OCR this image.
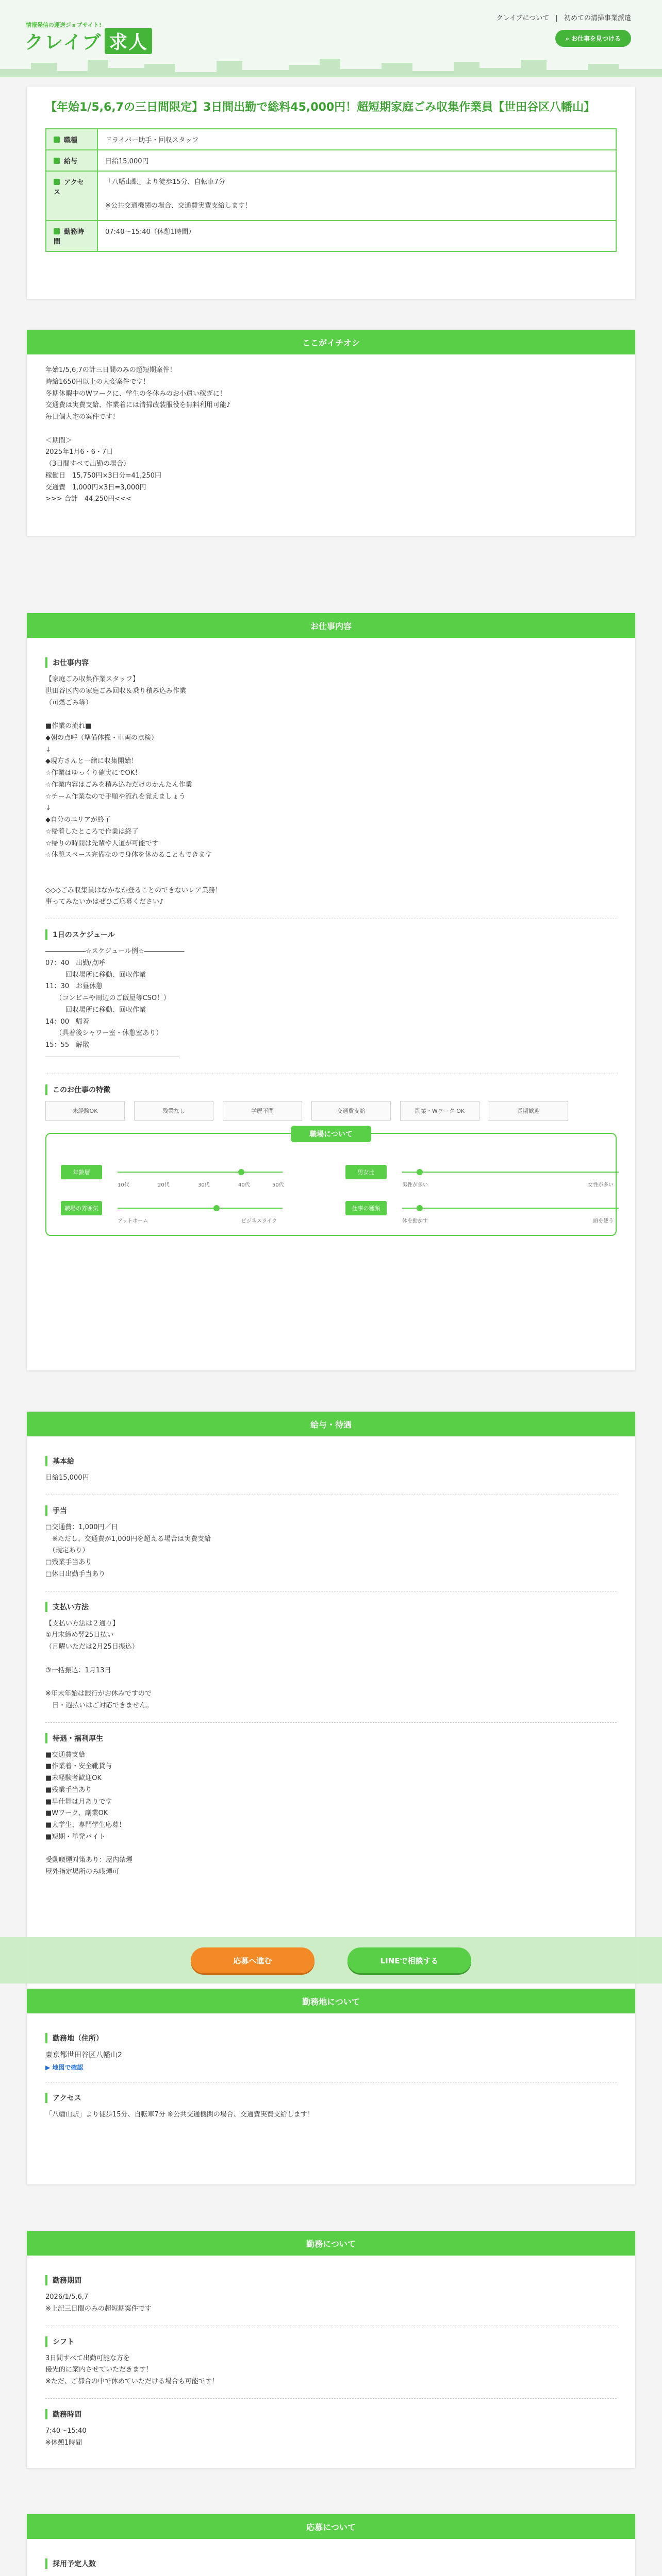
情報発信の運送ジョブサイト!
クレイブ 求人
クレイブについて | 初めての清掃事業派遣
⌕ お仕事を見つける
【年始1/5,6,7の三日間限定】3日間出勤で総料45,000円！超短期家庭ごみ収集作業員【世田谷区八幡山】
職種	ドライバー助手・回収スタッフ
給与	日給15,000円
アクセス	「八幡山駅」より徒歩15分、自転車7分

※公共交通機関の場合、交通費実費支給します！
勤務時間	07:40〜15:40（休憩1時間）
ここがイチオシ
年始1/5,6,7の計三日間のみの超短期案件！
時給1650円以上の大変案件です！
冬期休暇中のWワークに、学生の冬休みのお小遣い稼ぎに！
交通費は実費支給、作業着には清掃改装服役を無料利用可能♪
毎日個人宅の案件です！

＜期間＞
2025年1月6・6・7日
（3日間すべて出勤の場合）
稼働日　15,750円×3日分=41,250円
交通費　1,000円×3日=3,000円
>>> 合計　44,250円<<<
お仕事内容
お仕事内容
【家庭ごみ収集作業スタッフ】
世田谷区内の家庭ごみ回収＆乗り積み込み作業
（可燃ごみ等）

■作業の流れ■
◆朝の点呼（準備体操・車両の点検）
↓
◆現方さんと一緒に収集開始！
☆作業はゆっくり確実にでOK！
☆作業内容はごみを積み込むだけのかんたん作業
☆チーム作業なので手順や流れを覚えましょう
↓
◆自分のエリアが終了
☆帰着したところで作業は終了
☆帰りの時間は先輩や人道が可能です
☆休憩スペース完備なので身体を休めることもできます

◇◇◇ごみ収集員はなかなか登ることのできないレア業務！
事ってみたいかはぜひご応募ください♪
1日のスケジュール
――――――☆スケジュール例☆――――――
07：40　出勤/点呼
　　　回収場所に移動、回収作業
11：30　お昼休憩
　　（コンビニや周辺のご飯屋等CSO！）
　　　回収場所に移動、回収作業
14：00　帰着
　　（具着後シャワー室・休憩室あり）
15：55　解散
――――――――――――――――――――
このお仕事の特徴
未経験OK	残業なし	学歴不問	交通費支給	副業・Wワーク OK	長期歓迎
職場について
年齢層
10代	20代	30代	40代	50代
男女比
男性が多い	女性が多い
職場の雰囲気
アットホーム	ビジネスライク
仕事の種類
体を動かす	頭を使う
給与・待遇
基本給
日給15,000円
手当
□交通費：1,000円／日
　※ただし、交通費が1,000円を超える場合は実費支給
　（規定あり）
□残業手当あり
□休日出勤手当あり
支払い方法
【支払い方法は２通り】
①月末締め翌25日払い
（月曜いただは2月25日振込）

③一括振込：1月13日

※年末年始は銀行がお休みですので
　日・週払いはご対応できません。
待遇・福利厚生
■交通費支給
■作業着・安全靴貸与
■未経験者歓迎OK
■残業手当あり
■早仕舞は月ありです
■Wワーク、副業OK
■大学生、専門学生応募！
■短期・単発バイト

受動喫煙対策あり：屋内禁煙
屋外指定場所のみ喫煙可
応募へ進む	LINEで相談する
勤務地について
勤務地（住所）
東京都世田谷区八幡山2
▶ 地図で確認
アクセス
「八幡山駅」より徒歩15分、自転車7分 ※公共交通機関の場合、交通費実費支給します！
勤務について
勤務期間
2026/1/5,6,7
※上記三日間のみの超短期案件です
シフト
3日間すべて出勤可能な方を
優先的に案内させていただきます！
※ただ、ご都合の中で休めていただける場合も可能です！
勤務時間
7:40〜15:40
※休憩1時間
応募について
採用予定人数
